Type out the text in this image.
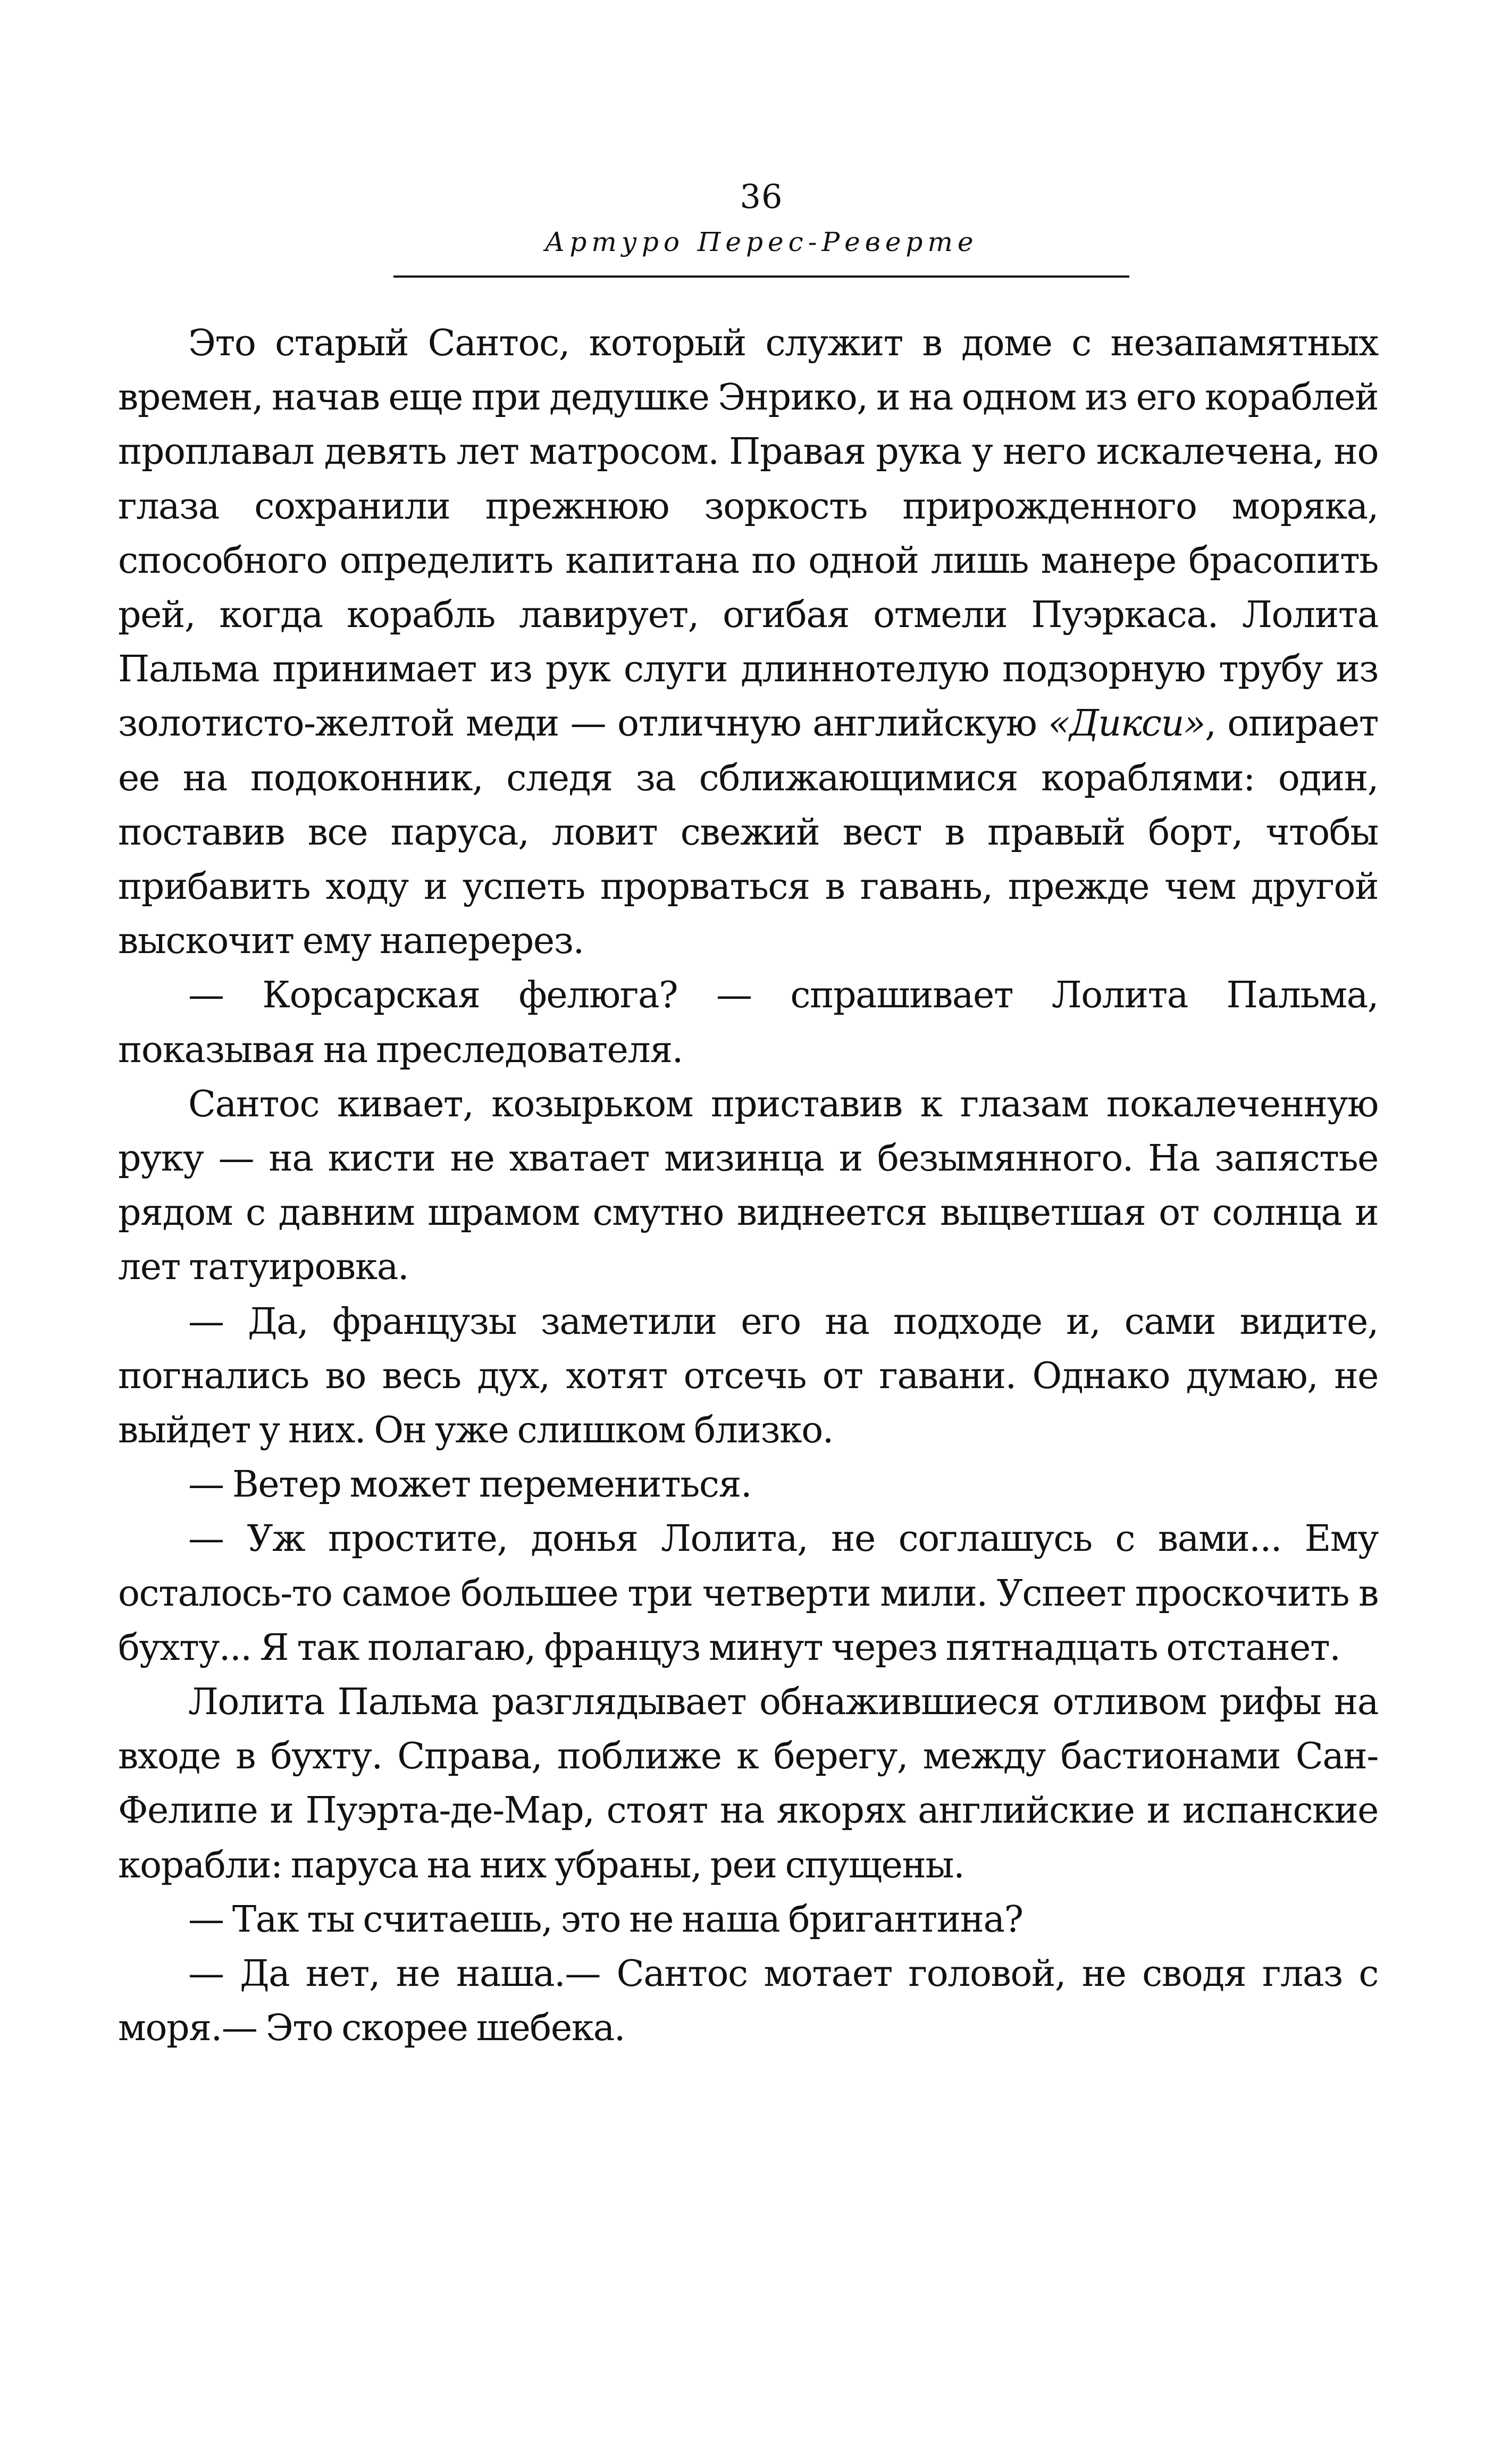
36
Артуро Перес-Реверте

Это старый Сантос, который служит в доме с незапамятных времен, начав еще при дедушке Энрико, и на одном из его кораблей проплавал девять лет матросом. Правая рука у него искалечена, но глаза сохранили прежнюю зоркость прирожденного моряка, способного определить капитана по одной лишь манере брасопить рей, когда корабль лавирует, огибая отмели Пуэркаса. Лолита Пальма принимает из рук слуги длиннотелую подзорную трубу из золотисто-желтой меди — отличную английскую «Дикси», опирает ее на подоконник, следя за сближающимися кораблями: один, поставив все паруса, ловит свежий вест в правый борт, чтобы прибавить ходу и успеть прорваться в гавань, прежде чем другой выскочит ему наперерез.

— Корсарская фелюга? — спрашивает Лолита Пальма, показывая на преследователя.

Сантос кивает, козырьком приставив к глазам покалеченную руку — на кисти не хватает мизинца и безымянного. На запястье рядом с давним шрамом смутно виднеется выцветшая от солнца и лет татуировка.

— Да, французы заметили его на подходе и, сами видите, погнались во весь дух, хотят отсечь от гавани. Однако думаю, не выйдет у них. Он уже слишком близко.

— Ветер может перемениться.

— Уж простите, донья Лолита, не соглашусь с вами... Ему осталось-то самое большее три четверти мили. Успеет проскочить в бухту... Я так полагаю, француз минут через пятнадцать отстанет.

Лолита Пальма разглядывает обнажившиеся отливом рифы на входе в бухту. Справа, поближе к берегу, между бастионами Сан-Фелипе и Пуэрта-де-Мар, стоят на якорях английские и испанские корабли: паруса на них убраны, реи спущены.

— Так ты считаешь, это не наша бригантина?

— Да нет, не наша.— Сантос мотает головой, не сводя глаз с моря.— Это скорее шебека.
